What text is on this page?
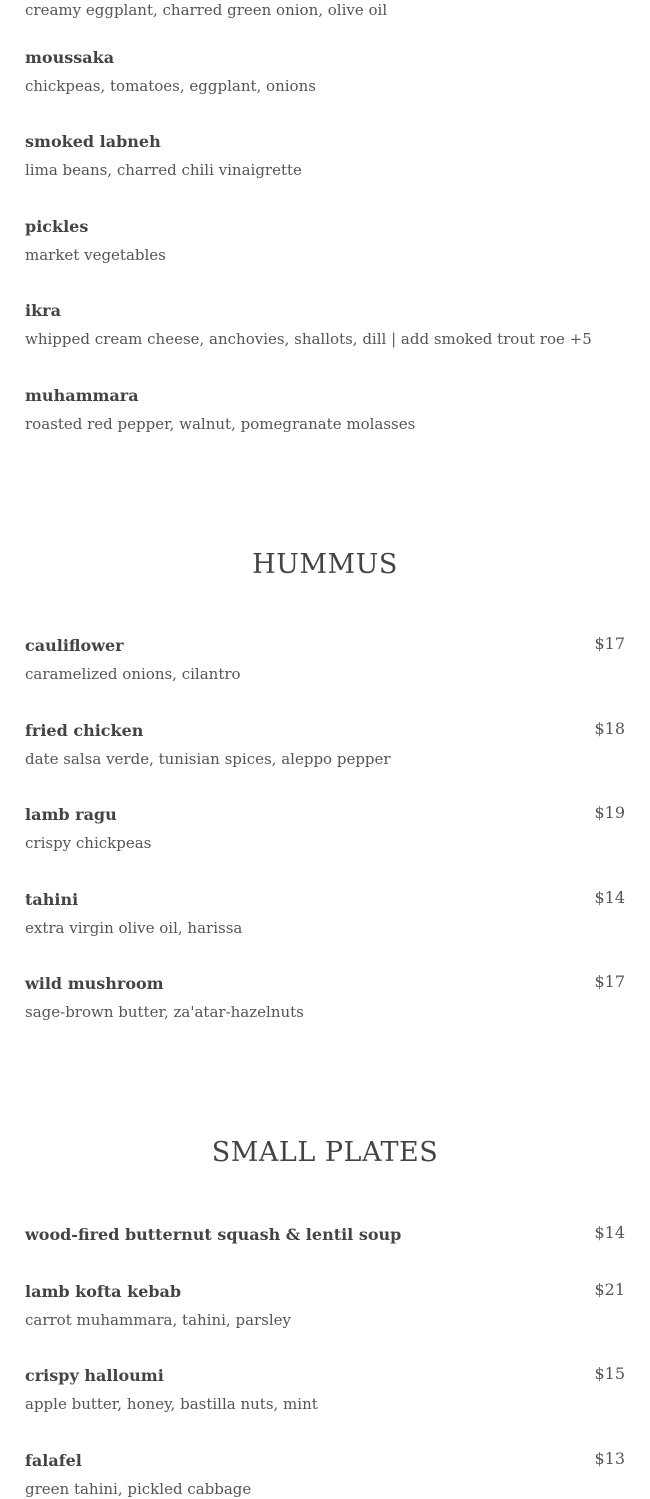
creamy eggplant, charred green onion, olive oil
moussaka
chickpeas, tomatoes, eggplant, onions
smoked labneh
lima beans, charred chili vinaigrette
pickles
market vegetables
ikra
whipped cream cheese, anchovies, shallots, dill | add smoked trout roe +5
muhammara
roasted red pepper, walnut, pomegranate molasses
HUMMUS
cauliflower	$17
caramelized onions, cilantro
fried chicken	$18
date salsa verde, tunisian spices, aleppo pepper
lamb ragu	$19
crispy chickpeas
tahini	$14
extra virgin olive oil, harissa
wild mushroom	$17
sage-brown butter, za'atar-hazelnuts
SMALL PLATES
wood-fired butternut squash & lentil soup	$14
lamb kofta kebab	$21
carrot muhammara, tahini, parsley
crispy halloumi	$15
apple butter, honey, bastilla nuts, mint
falafel	$13
green tahini, pickled cabbage
